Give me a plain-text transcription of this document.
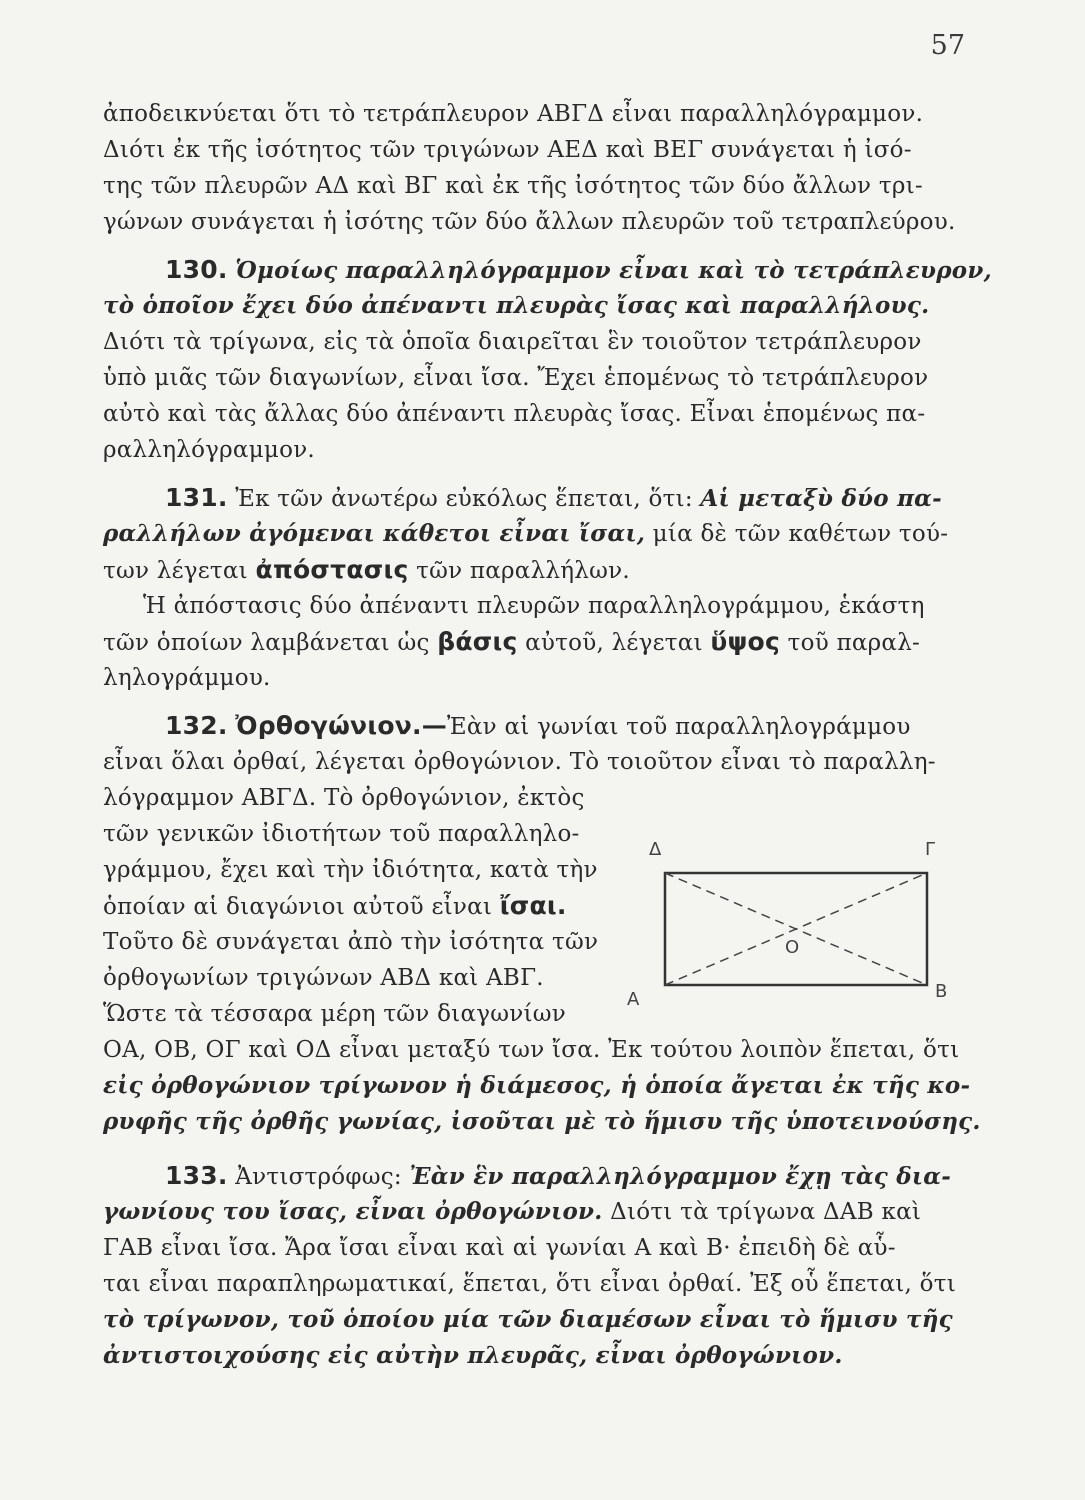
57
ἀποδεικνύεται ὅτι τὸ τετράπλευρον ΑΒΓΔ εἶναι παραλληλόγραμμον.
Διότι ἐκ τῆς ἰσότητος τῶν τριγώνων ΑΕΔ καὶ ΒΕΓ συνάγεται ἡ ἰσό-
της τῶν πλευρῶν ΑΔ καὶ ΒΓ καὶ ἐκ τῆς ἰσότητος τῶν δύο ἄλλων τρι-
γώνων συνάγεται ἡ ἰσότης τῶν δύο ἄλλων πλευρῶν τοῦ τετραπλεύρου.
130. Ὁμοίως παραλληλόγραμμον εἶναι καὶ τὸ τετράπλευρον,
τὸ ὁποῖον ἔχει δύο ἀπέναντι πλευρὰς ἴσας καὶ παραλλήλους.
Διότι τὰ τρίγωνα, εἰς τὰ ὁποῖα διαιρεῖται ἓν τοιοῦτον τετράπλευρον
ὑπὸ μιᾶς τῶν διαγωνίων, εἶναι ἴσα. Ἔχει ἑπομένως τὸ τετράπλευρον
αὐτὸ καὶ τὰς ἄλλας δύο ἀπέναντι πλευρὰς ἴσας. Εἶναι ἑπομένως πα-
ραλληλόγραμμον.
131. Ἐκ τῶν ἀνωτέρω εὐκόλως ἕπεται, ὅτι: Αἱ μεταξὺ δύο πα-
ραλλήλων ἀγόμεναι κάθετοι εἶναι ἴσαι, μία δὲ τῶν καθέτων τού-
των λέγεται ἀπόστασις τῶν παραλλήλων.
Ἡ ἀπόστασις δύο ἀπέναντι πλευρῶν παραλληλογράμμου, ἑκάστη
τῶν ὁποίων λαμβάνεται ὡς βάσις αὐτοῦ, λέγεται ὕψος τοῦ παραλ-
ληλογράμμου.
132. Ὀρθογώνιον.—Ἐὰν αἱ γωνίαι τοῦ παραλληλογράμμου
εἶναι ὅλαι ὀρθαί, λέγεται ὀρθογώνιον. Τὸ τοιοῦτον εἶναι τὸ παραλλη-
λόγραμμον ΑΒΓΔ. Τὸ ὀρθογώνιον, ἐκτὸς
τῶν γενικῶν ἰδιοτήτων τοῦ παραλληλο-
γράμμου, ἔχει καὶ τὴν ἰδιότητα, κατὰ τὴν
ὁποίαν αἱ διαγώνιοι αὐτοῦ εἶναι ἴσαι.
Τοῦτο δὲ συνάγεται ἀπὸ τὴν ἰσότητα τῶν
ὀρθογωνίων τριγώνων ΑΒΔ καὶ ΑΒΓ.
Ὥστε τὰ τέσσαρα μέρη τῶν διαγωνίων
ΟΑ, ΟΒ, ΟΓ καὶ ΟΔ εἶναι μεταξύ των ἴσα. Ἐκ τούτου λοιπὸν ἕπεται, ὅτι
εἰς ὀρθογώνιον τρίγωνον ἡ διάμεσος, ἡ ὁποία ἄγεται ἐκ τῆς κο-
ρυφῆς τῆς ὀρθῆς γωνίας, ἰσοῦται μὲ τὸ ἥμισυ τῆς ὑποτεινούσης.
133. Ἀντιστρόφως: Ἐὰν ἓν παραλληλόγραμμον ἔχῃ τὰς δια-
γωνίους του ἴσας, εἶναι ὀρθογώνιον. Διότι τὰ τρίγωνα ΔΑΒ καὶ
ΓΑΒ εἶναι ἴσα. Ἄρα ἴσαι εἶναι καὶ αἱ γωνίαι Α καὶ Β· ἐπειδὴ δὲ αὗ-
ται εἶναι παραπληρωματικαί, ἕπεται, ὅτι εἶναι ὀρθαί. Ἐξ οὗ ἕπεται, ὅτι
τὸ τρίγωνον, τοῦ ὁποίου μία τῶν διαμέσων εἶναι τὸ ἥμισυ τῆς
ἀντιστοιχούσης εἰς αὐτὴν πλευρᾶς, εἶναι ὀρθογώνιον.
Δ	Γ
Α	Β
Ο
